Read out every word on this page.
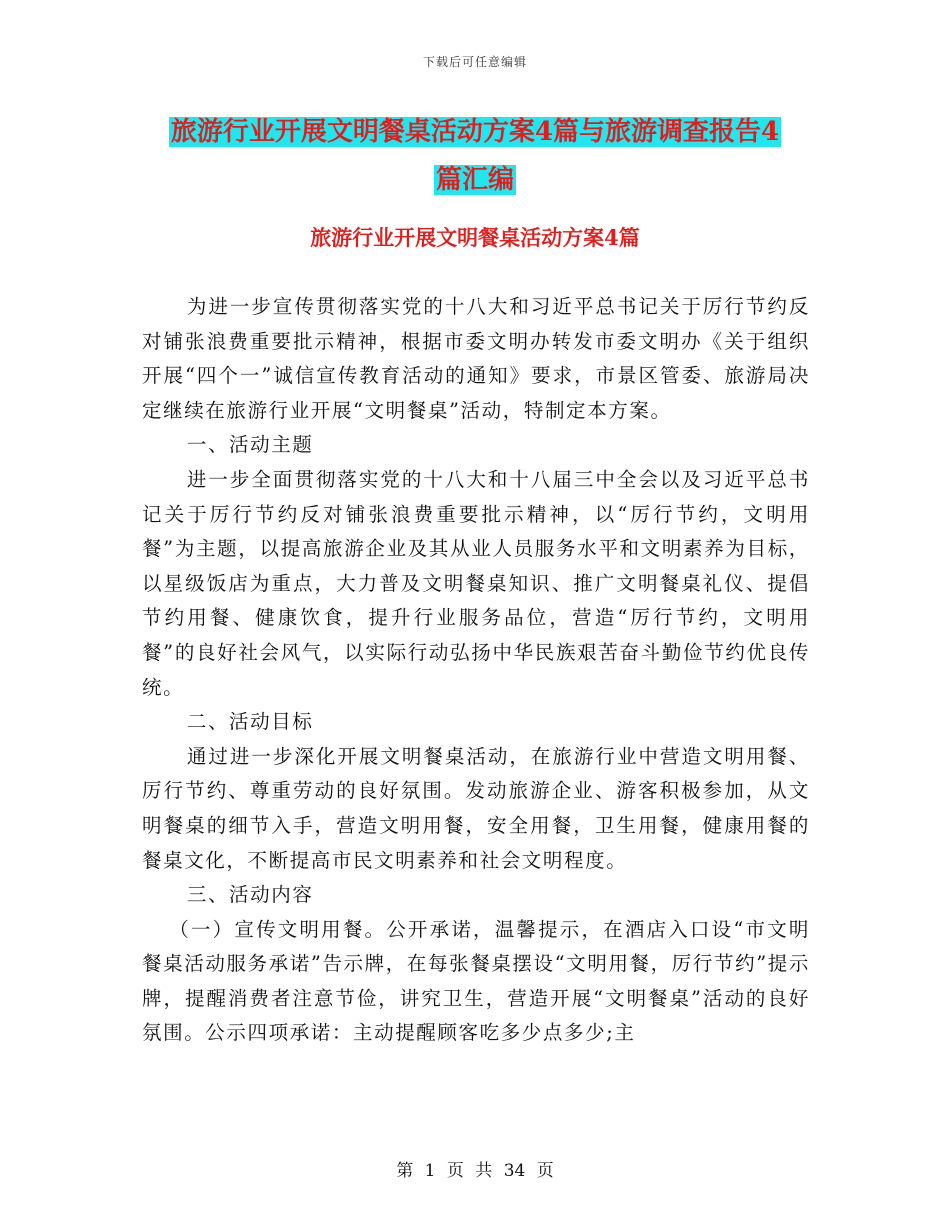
下载后可任意编辑
旅游行业开展文明餐桌活动方案4篇与旅游调查报告4
篇汇编
旅游行业开展文明餐桌活动方案4篇

为进一步宣传贯彻落实党的十八大和习近平总书记关于厉行节约反对铺张浪费重要批示精神，根据市委文明办转发市委文明办《关于组织开展“四个一”诚信宣传教育活动的通知》要求，市景区管委、旅游局决定继续在旅游行业开展“文明餐桌”活动，特制定本方案。

一、活动主题

进一步全面贯彻落实党的十八大和十八届三中全会以及习近平总书记关于厉行节约反对铺张浪费重要批示精神，以“厉行节约，文明用餐”为主题，以提高旅游企业及其从业人员服务水平和文明素养为目标，以星级饭店为重点，大力普及文明餐桌知识、推广文明餐桌礼仪、提倡节约用餐、健康饮食，提升行业服务品位，营造“厉行节约，文明用餐”的良好社会风气，以实际行动弘扬中华民族艰苦奋斗勤俭节约优良传统。

二、活动目标

通过进一步深化开展文明餐桌活动，在旅游行业中营造文明用餐、厉行节约、尊重劳动的良好氛围。发动旅游企业、游客积极参加，从文明餐桌的细节入手，营造文明用餐，安全用餐，卫生用餐，健康用餐的餐桌文化，不断提高市民文明素养和社会文明程度。

三、活动内容

（一）宣传文明用餐。公开承诺，温馨提示，在酒店入口设“市文明餐桌活动服务承诺”告示牌，在每张餐桌摆设“文明用餐，厉行节约”提示牌，提醒消费者注意节俭，讲究卫生，营造开展“文明餐桌”活动的良好氛围。公示四项承诺：主动提醒顾客吃多少点多少;主

第 1 页 共 34 页
